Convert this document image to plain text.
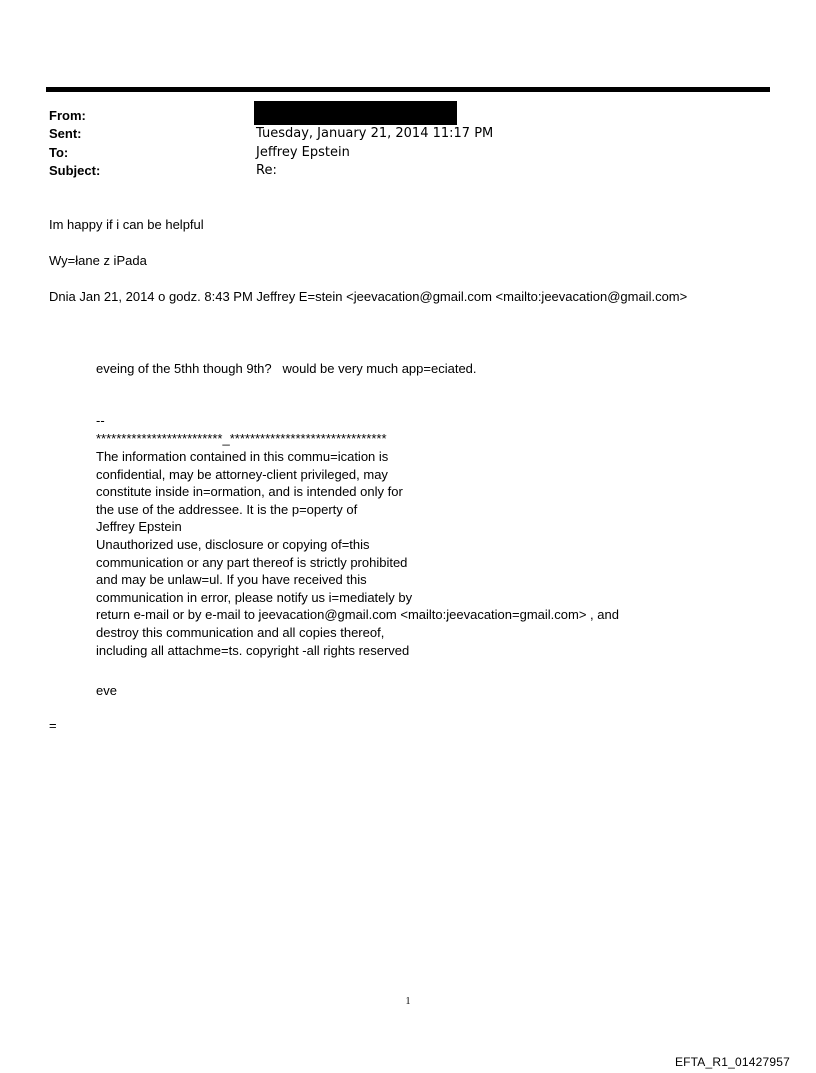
From:
Sent:	Tuesday, January 21, 2014 11:17 PM
To:	Jeffrey Epstein
Subject:	Re:
Im happy if i can be helpful
Wy=łane z iPada
Dnia Jan 21, 2014 o godz. 8:43 PM Jeffrey E=stein <jeevacation@gmail.com <mailto:jeevacation@gmail.com>
eveing of the 5thh though 9th?   would be very much app=eciated.
--
*************************_*******************************
The information contained in this commu=ication is
confidential, may be attorney-client privileged, may
constitute inside in=ormation, and is intended only for
the use of the addressee. It is the p=operty of
Jeffrey Epstein
Unauthorized use, disclosure or copying of=this
communication or any part thereof is strictly prohibited
and may be unlaw=ul. If you have received this
communication in error, please notify us i=mediately by
return e-mail or by e-mail to jeevacation@gmail.com <mailto:jeevacation=gmail.com> , and
destroy this communication and all copies thereof,
including all attachme=ts. copyright -all rights reserved
eve
=
1
EFTA_R1_01427957
